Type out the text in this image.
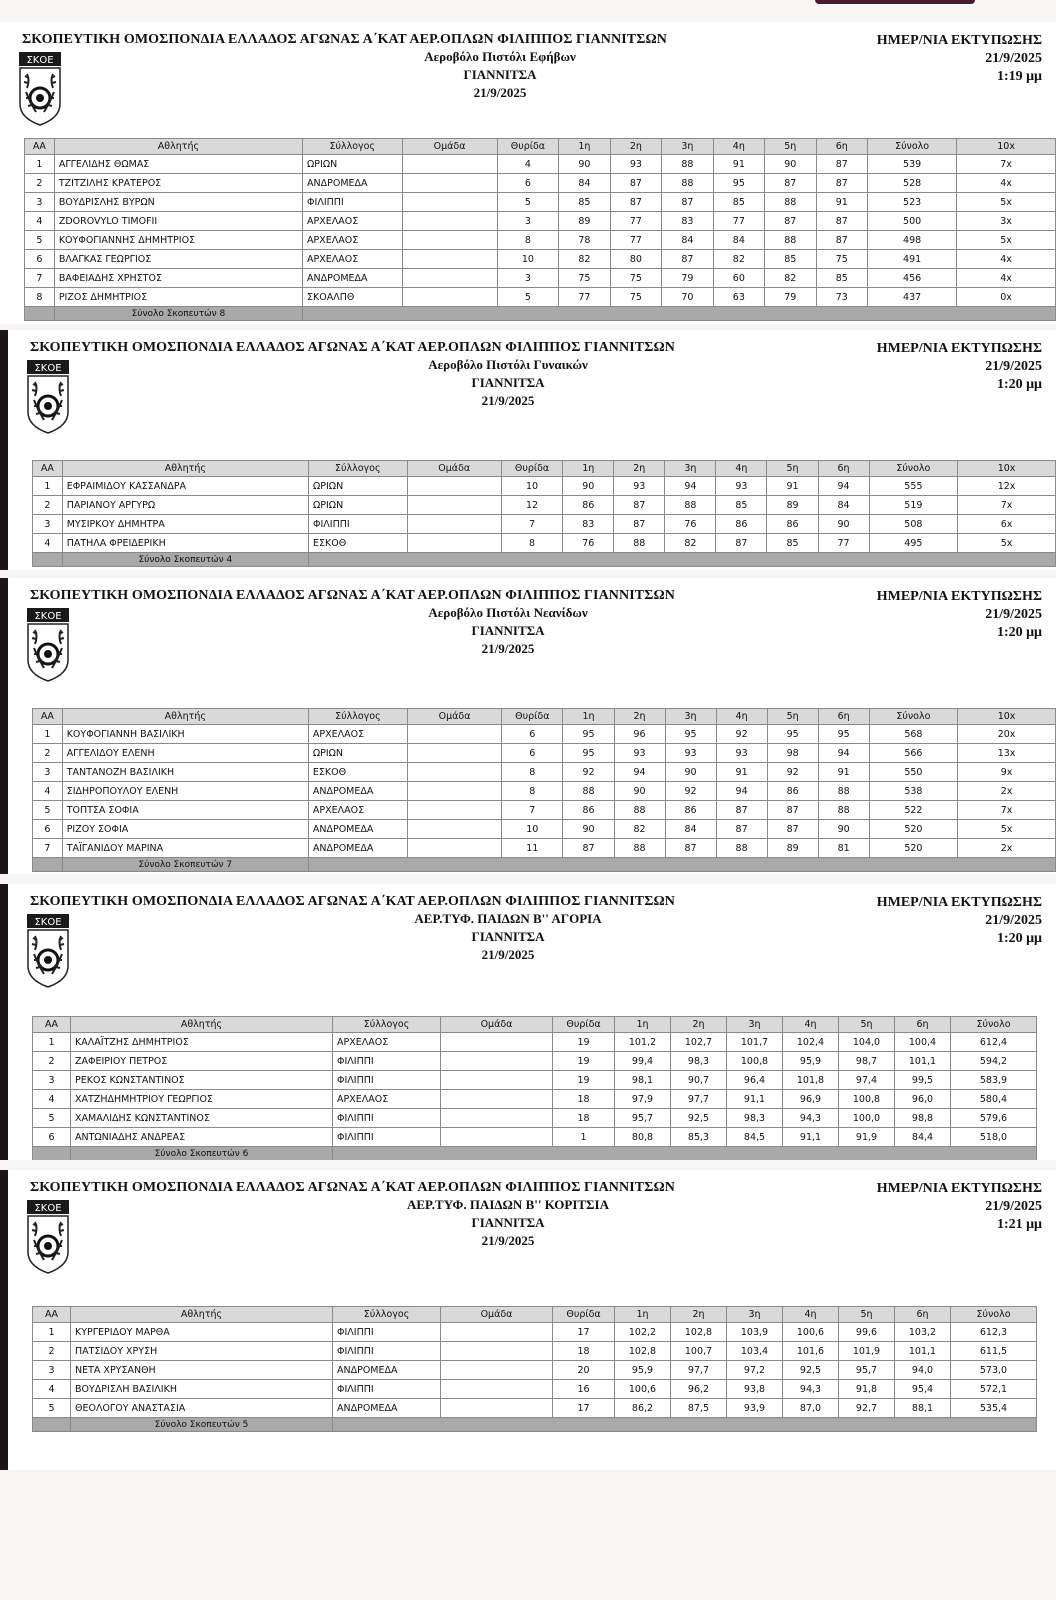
ΣΚΟΠΕΥΤΙΚΗ ΟΜΟΣΠΟΝΔΙΑ ΕΛΛΑΔΟΣ ΑΓΩΝΑΣ Α΄ΚΑΤ ΑΕΡ.ΟΠΛΩΝ ΦΙΛΙΠΠΟΣ ΓΙΑΝΝΙΤΣΩΝ
ΣΚΟΕ	Αεροβόλο Πιστόλι Εφήβων
ΓΙΑΝΝΙΤΣΑ
21/9/2025
ΗΜΕΡ/ΝΙΑ ΕΚΤΥΠΩΣΗΣ
21/9/2025
1:19 μμ
ΑΑ	Αθλητής	Σύλλογος	Ομάδα	Θυρίδα	1η	2η	3η	4η	5η	6η	Σύνολο	10x
1	ΑΓΓΕΛΙΔΗΣ ΘΩΜΑΣ	ΩΡΙΩΝ		4	90	93	88	91	90	87	539	7x
2	ΤΖΙΤΖΙΛΗΣ ΚΡΑΤΕΡΟΣ	ΑΝΔΡΟΜΕΔΑ		6	84	87	88	95	87	87	528	4x
3	ΒΟΥΔΡΙΣΛΗΣ ΒΥΡΩΝ	ΦΙΛΙΠΠΙ		5	85	87	87	85	88	91	523	5x
4	ZDOROVYLO TIMOFII	ΑΡΧΕΛΑΟΣ		3	89	77	83	77	87	87	500	3x
5	ΚΟΥΦΟΓΙΑΝΝΗΣ ΔΗΜΗΤΡΙΟΣ	ΑΡΧΕΛΑΟΣ		8	78	77	84	84	88	87	498	5x
6	ΒΛΑΓΚΑΣ ΓΕΩΡΓΙΟΣ	ΑΡΧΕΛΑΟΣ		10	82	80	87	82	85	75	491	4x
7	ΒΑΦΕΙΑΔΗΣ ΧΡΗΣΤΟΣ	ΑΝΔΡΟΜΕΔΑ		3	75	75	79	60	82	85	456	4x
8	ΡΙΖΟΣ ΔΗΜΗΤΡΙΟΣ	ΣΚΟΑΛΠΘ		5	77	75	70	63	79	73	437	0x
	Σύνολο Σκοπευτών 8											
ΣΚΟΠΕΥΤΙΚΗ ΟΜΟΣΠΟΝΔΙΑ ΕΛΛΑΔΟΣ ΑΓΩΝΑΣ Α΄ΚΑΤ ΑΕΡ.ΟΠΛΩΝ ΦΙΛΙΠΠΟΣ ΓΙΑΝΝΙΤΣΩΝ
ΣΚΟΕ	Αεροβόλο Πιστόλι Γυναικών
ΓΙΑΝΝΙΤΣΑ
21/9/2025
ΗΜΕΡ/ΝΙΑ ΕΚΤΥΠΩΣΗΣ
21/9/2025
1:20 μμ
ΑΑ	Αθλητής	Σύλλογος	Ομάδα	Θυρίδα	1η	2η	3η	4η	5η	6η	Σύνολο	10x
1	ΕΦΡΑΙΜΙΔΟΥ ΚΑΣΣΑΝΔΡΑ	ΩΡΙΩΝ		10	90	93	94	93	91	94	555	12x
2	ΠΑΡΙΑΝΟΥ ΑΡΓΥΡΩ	ΩΡΙΩΝ		12	86	87	88	85	89	84	519	7x
3	ΜΥΣΙΡΚΟΥ ΔΗΜΗΤΡΑ	ΦΙΛΙΠΠΙ		7	83	87	76	86	86	90	508	6x
4	ΠΑΤΗΛΑ ΦΡΕΙΔΕΡΙΚΗ	ΕΣΚΟΘ		8	76	88	82	87	85	77	495	5x
	Σύνολο Σκοπευτών 4											
ΣΚΟΠΕΥΤΙΚΗ ΟΜΟΣΠΟΝΔΙΑ ΕΛΛΑΔΟΣ ΑΓΩΝΑΣ Α΄ΚΑΤ ΑΕΡ.ΟΠΛΩΝ ΦΙΛΙΠΠΟΣ ΓΙΑΝΝΙΤΣΩΝ
ΣΚΟΕ	Αεροβόλο Πιστόλι Νεανίδων
ΓΙΑΝΝΙΤΣΑ
21/9/2025
ΗΜΕΡ/ΝΙΑ ΕΚΤΥΠΩΣΗΣ
21/9/2025
1:20 μμ
ΑΑ	Αθλητής	Σύλλογος	Ομάδα	Θυρίδα	1η	2η	3η	4η	5η	6η	Σύνολο	10x
1	ΚΟΥΦΟΓΙΑΝΝΗ ΒΑΣΙΛΙΚΗ	ΑΡΧΕΛΑΟΣ		6	95	96	95	92	95	95	568	20x
2	ΑΓΓΕΛΙΔΟΥ ΕΛΕΝΗ	ΩΡΙΩΝ		6	95	93	93	93	98	94	566	13x
3	ΤΑΝΤΑΝΟΖΗ ΒΑΣΙΛΙΚΗ	ΕΣΚΟΘ		8	92	94	90	91	92	91	550	9x
4	ΣΙΔΗΡΟΠΟΥΛΟΥ ΕΛΕΝΗ	ΑΝΔΡΟΜΕΔΑ		8	88	90	92	94	86	88	538	2x
5	ΤΟΠΤΣΑ ΣΟΦΙΑ	ΑΡΧΕΛΑΟΣ		7	86	88	86	87	87	88	522	7x
6	ΡΙΖΟΥ ΣΟΦΙΑ	ΑΝΔΡΟΜΕΔΑ		10	90	82	84	87	87	90	520	5x
7	ΤΑΪΓΑΝΙΔΟΥ ΜΑΡΙΝΑ	ΑΝΔΡΟΜΕΔΑ		11	87	88	87	88	89	81	520	2x
	Σύνολο Σκοπευτών 7											
ΣΚΟΠΕΥΤΙΚΗ ΟΜΟΣΠΟΝΔΙΑ ΕΛΛΑΔΟΣ ΑΓΩΝΑΣ Α΄ΚΑΤ ΑΕΡ.ΟΠΛΩΝ ΦΙΛΙΠΠΟΣ ΓΙΑΝΝΙΤΣΩΝ
ΣΚΟΕ	ΑΕΡ.ΤΥΦ. ΠΑΙΔΩΝ Β'' ΑΓΟΡΙΑ
ΓΙΑΝΝΙΤΣΑ
21/9/2025
ΗΜΕΡ/ΝΙΑ ΕΚΤΥΠΩΣΗΣ
21/9/2025
1:20 μμ
ΑΑ	Αθλητής	Σύλλογος	Ομάδα	Θυρίδα	1η	2η	3η	4η	5η	6η	Σύνολο
1	ΚΑΛΑΪΤΖΗΣ ΔΗΜΗΤΡΙΟΣ	ΑΡΧΕΛΑΟΣ		19	101,2	102,7	101,7	102,4	104,0	100,4	612,4
2	ΖΑΦΕΙΡΙΟΥ ΠΕΤΡΟΣ	ΦΙΛΙΠΠΙ		19	99,4	98,3	100,8	95,9	98,7	101,1	594,2
3	ΡΕΚΟΣ ΚΩΝΣΤΑΝΤΙΝΟΣ	ΦΙΛΙΠΠΙ		19	98,1	90,7	96,4	101,8	97,4	99,5	583,9
4	ΧΑΤΖΗΔΗΜΗΤΡΙΟΥ ΓΕΩΡΓΙΟΣ	ΑΡΧΕΛΑΟΣ		18	97,9	97,7	91,1	96,9	100,8	96,0	580,4
5	ΧΑΜΑΛΙΔΗΣ ΚΩΝΣΤΑΝΤΙΝΟΣ	ΦΙΛΙΠΠΙ		18	95,7	92,5	98,3	94,3	100,0	98,8	579,6
6	ΑΝΤΩΝΙΑΔΗΣ ΑΝΔΡΕΑΣ	ΦΙΛΙΠΠΙ		1	80,8	85,3	84,5	91,1	91,9	84,4	518,0
	Σύνολο Σκοπευτών 6										
ΣΚΟΠΕΥΤΙΚΗ ΟΜΟΣΠΟΝΔΙΑ ΕΛΛΑΔΟΣ ΑΓΩΝΑΣ Α΄ΚΑΤ ΑΕΡ.ΟΠΛΩΝ ΦΙΛΙΠΠΟΣ ΓΙΑΝΝΙΤΣΩΝ
ΣΚΟΕ	ΑΕΡ.ΤΥΦ. ΠΑΙΔΩΝ Β'' ΚΟΡΙΤΣΙΑ
ΓΙΑΝΝΙΤΣΑ
21/9/2025
ΗΜΕΡ/ΝΙΑ ΕΚΤΥΠΩΣΗΣ
21/9/2025
1:21 μμ
ΑΑ	Αθλητής	Σύλλογος	Ομάδα	Θυρίδα	1η	2η	3η	4η	5η	6η	Σύνολο
1	ΚΥΡΓΕΡΙΔΟΥ ΜΑΡΘΑ	ΦΙΛΙΠΠΙ		17	102,2	102,8	103,9	100,6	99,6	103,2	612,3
2	ΠΑΤΣΙΔΟΥ ΧΡΥΣΗ	ΦΙΛΙΠΠΙ		18	102,8	100,7	103,4	101,6	101,9	101,1	611,5
3	ΝΕΤΑ ΧΡΥΣΑΝΘΗ	ΑΝΔΡΟΜΕΔΑ		20	95,9	97,7	97,2	92,5	95,7	94,0	573,0
4	ΒΟΥΔΡΙΣΛΗ ΒΑΣΙΛΙΚΗ	ΦΙΛΙΠΠΙ		16	100,6	96,2	93,8	94,3	91,8	95,4	572,1
5	ΘΕΟΛΟΓΟΥ ΑΝΑΣΤΑΣΙΑ	ΑΝΔΡΟΜΕΔΑ		17	86,2	87,5	93,9	87,0	92,7	88,1	535,4
	Σύνολο Σκοπευτών 5										
